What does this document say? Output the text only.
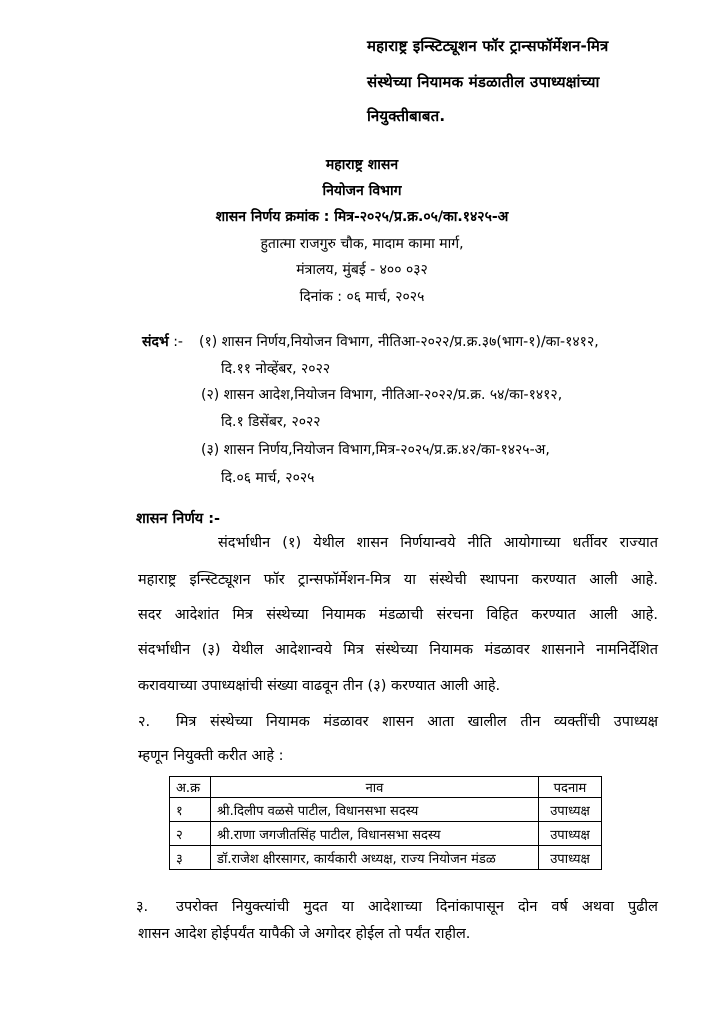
महाराष्ट्र इन्स्टिट्यूशन फॉर ट्रान्सफॉर्मेशन-मित्र
संस्थेच्या नियामक मंडळातील उपाध्यक्षांच्या
नियुक्तीबाबत.
महाराष्ट्र शासन
नियोजन विभाग
शासन निर्णय क्रमांक : मित्र-२०२५/प्र.क्र.०५/का.१४२५-अ
हुतात्मा राजगुरु चौक, मादाम कामा मार्ग,
मंत्रालय, मुंबई - ४०० ०३२
दिनांक : ०६ मार्च, २०२५
संदर्भ :- (१) शासन निर्णय,नियोजन विभाग, नीतिआ-२०२२/प्र.क्र.३७(भाग-१)/का-१४१२,
दि.११ नोव्हेंबर, २०२२
(२) शासन आदेश,नियोजन विभाग, नीतिआ-२०२२/प्र.क्र. ५४/का-१४१२,
दि.१ डिसेंबर, २०२२
(३) शासन निर्णय,नियोजन विभाग,मित्र-२०२५/प्र.क्र.४२/का-१४२५-अ,
दि.०६ मार्च, २०२५
शासन निर्णय :-
संदर्भाधीन (१) येथील शासन निर्णयान्वये नीति आयोगाच्या धर्तीवर राज्यात
महाराष्ट्र इन्स्टिट्यूशन फॉर ट्रान्सफॉर्मेशन-मित्र या संस्थेची स्थापना करण्यात आली आहे.
सदर आदेशांत मित्र संस्थेच्या नियामक मंडळाची संरचना विहित करण्यात आली आहे.
संदर्भाधीन (३) येथील आदेशान्वये मित्र संस्थेच्या नियामक मंडळावर शासनाने नामनिर्देशित
करावयाच्या उपाध्यक्षांची संख्या वाढवून तीन (३) करण्यात आली आहे.
२. मित्र संस्थेच्या नियामक मंडळावर शासन आता खालील तीन व्यक्तींची उपाध्यक्ष
म्हणून नियुक्ती करीत आहे :
अ.क्र	नाव	पदनाम
१	श्री.दिलीप वळसे पाटील, विधानसभा सदस्य	उपाध्यक्ष
२	श्री.राणा जगजीतसिंह पाटील, विधानसभा सदस्य	उपाध्यक्ष
३	डॉ.राजेश क्षीरसागर, कार्यकारी अध्यक्ष, राज्य नियोजन मंडळ	उपाध्यक्ष
३. उपरोक्त नियुक्त्यांची मुदत या आदेशाच्या दिनांकापासून दोन वर्ष अथवा पुढील
शासन आदेश होईपर्यंत यापैकी जे अगोदर होईल तो पर्यंत राहील.
